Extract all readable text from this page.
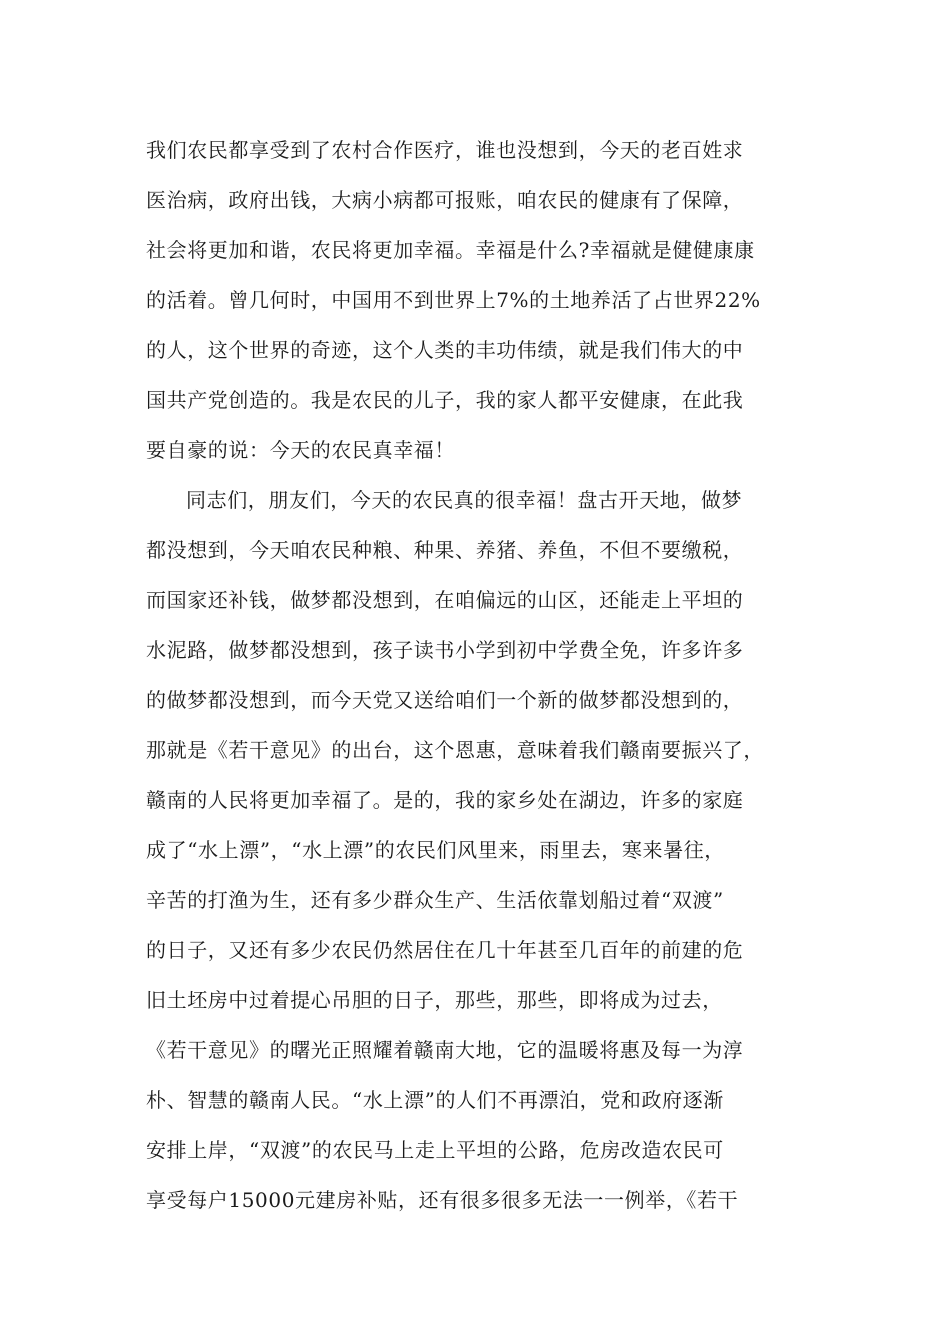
我们农民都享受到了农村合作医疗，谁也没想到，今天的老百姓求
医治病，政府出钱，大病小病都可报账，咱农民的健康有了保障，
社会将更加和谐，农民将更加幸福。幸福是什么?幸福就是健健康康
的活着。曾几何时，中国用不到世界上7%的土地养活了占世界22%
的人，这个世界的奇迹，这个人类的丰功伟绩，就是我们伟大的中
国共产党创造的。我是农民的儿子，我的家人都平安健康，在此我
要自豪的说：今天的农民真幸福！
同志们，朋友们，今天的农民真的很幸福！盘古开天地，做梦
都没想到，今天咱农民种粮、种果、养猪、养鱼，不但不要缴税，
而国家还补钱，做梦都没想到，在咱偏远的山区，还能走上平坦的
水泥路，做梦都没想到，孩子读书小学到初中学费全免，许多许多
的做梦都没想到，而今天党又送给咱们一个新的做梦都没想到的，
那就是《若干意见》的出台，这个恩惠，意味着我们赣南要振兴了，
赣南的人民将更加幸福了。是的，我的家乡处在湖边，许多的家庭
成了“水上漂”，“水上漂”的农民们风里来，雨里去，寒来暑往，
辛苦的打渔为生，还有多少群众生产、生活依靠划船过着“双渡”
的日子，又还有多少农民仍然居住在几十年甚至几百年的前建的危
旧土坯房中过着提心吊胆的日子，那些，那些，即将成为过去，
《若干意见》的曙光正照耀着赣南大地，它的温暖将惠及每一为淳
朴、智慧的赣南人民。“水上漂”的人们不再漂泊，党和政府逐渐
安排上岸，“双渡”的农民马上走上平坦的公路，危房改造农民可
享受每户15000元建房补贴，还有很多很多无法一一例举，《若干
